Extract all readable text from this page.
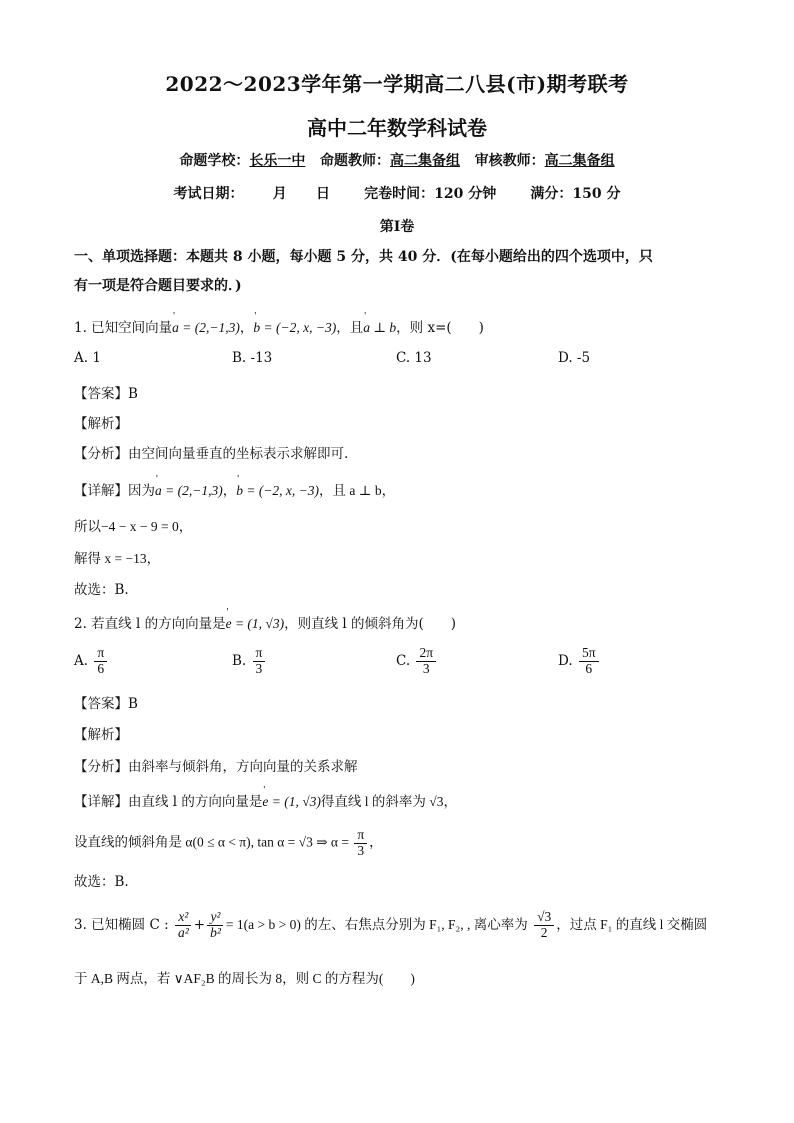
2022～2023学年第一学期高二八县(市)期考联考
高中二年数学科试卷
命题学校：长乐一中 命题教师：高二集备组 审核教师：高二集备组
考试日期： 月 日 完卷时间：120 分钟 满分：150 分
第Ⅰ卷
一、单项选择题：本题共 8 小题，每小题 5 分，共 40 分．(在每小题给出的四个选项中，只
有一项是符合题目要求的．)
1. 已知空间向量' a = (2,−1,3)，' b = (−2, x, −3)，且' a ⊥ b，则 x=(　　)
A. 1	B. -13	C. 13	D. -5
【答案】B
【解析】
【分析】由空间向量垂直的坐标表示求解即可.
【详解】因为' a = (2,−1,3)，' b = (−2, x, −3)，且 a ⊥ b，
所以−4 − x − 9 = 0，
解得 x = −13，
故选：B.
2. 若直线 l 的方向向量是' e = (1, √3)，则直线 l 的倾斜角为(　　)
A. $\frac{\pi}{6}$	B. $\frac{\pi}{3}$	C. $\frac{2\pi}{3}$	D. $\frac{5\pi}{6}$
【答案】B
【解析】
【分析】由斜率与倾斜角，方向向量的关系求解
【详解】由直线 l 的方向向量是' e = (1, √3)得直线 l 的斜率为 √3，
设直线的倾斜角是 α(0 ≤ α < π), tan α = √3 ⇒ $\alpha = \frac{\pi}{3}$ ，
故选：B.
3. 已知椭圆 C : $\frac{\text{x²}}{\text{a²}} + \frac{\text{y²}}{\text{b²}} = 1(a > b > 0)$ 的左、右焦点分别为 F₁, F₂, , 离心率为 $\frac{√3}{2}$ ，过点 F₁ 的直线 l 交椭圆
于 A,B 两点，若 ∨AF₂B 的周长为 8，则 C 的方程为(　　)
